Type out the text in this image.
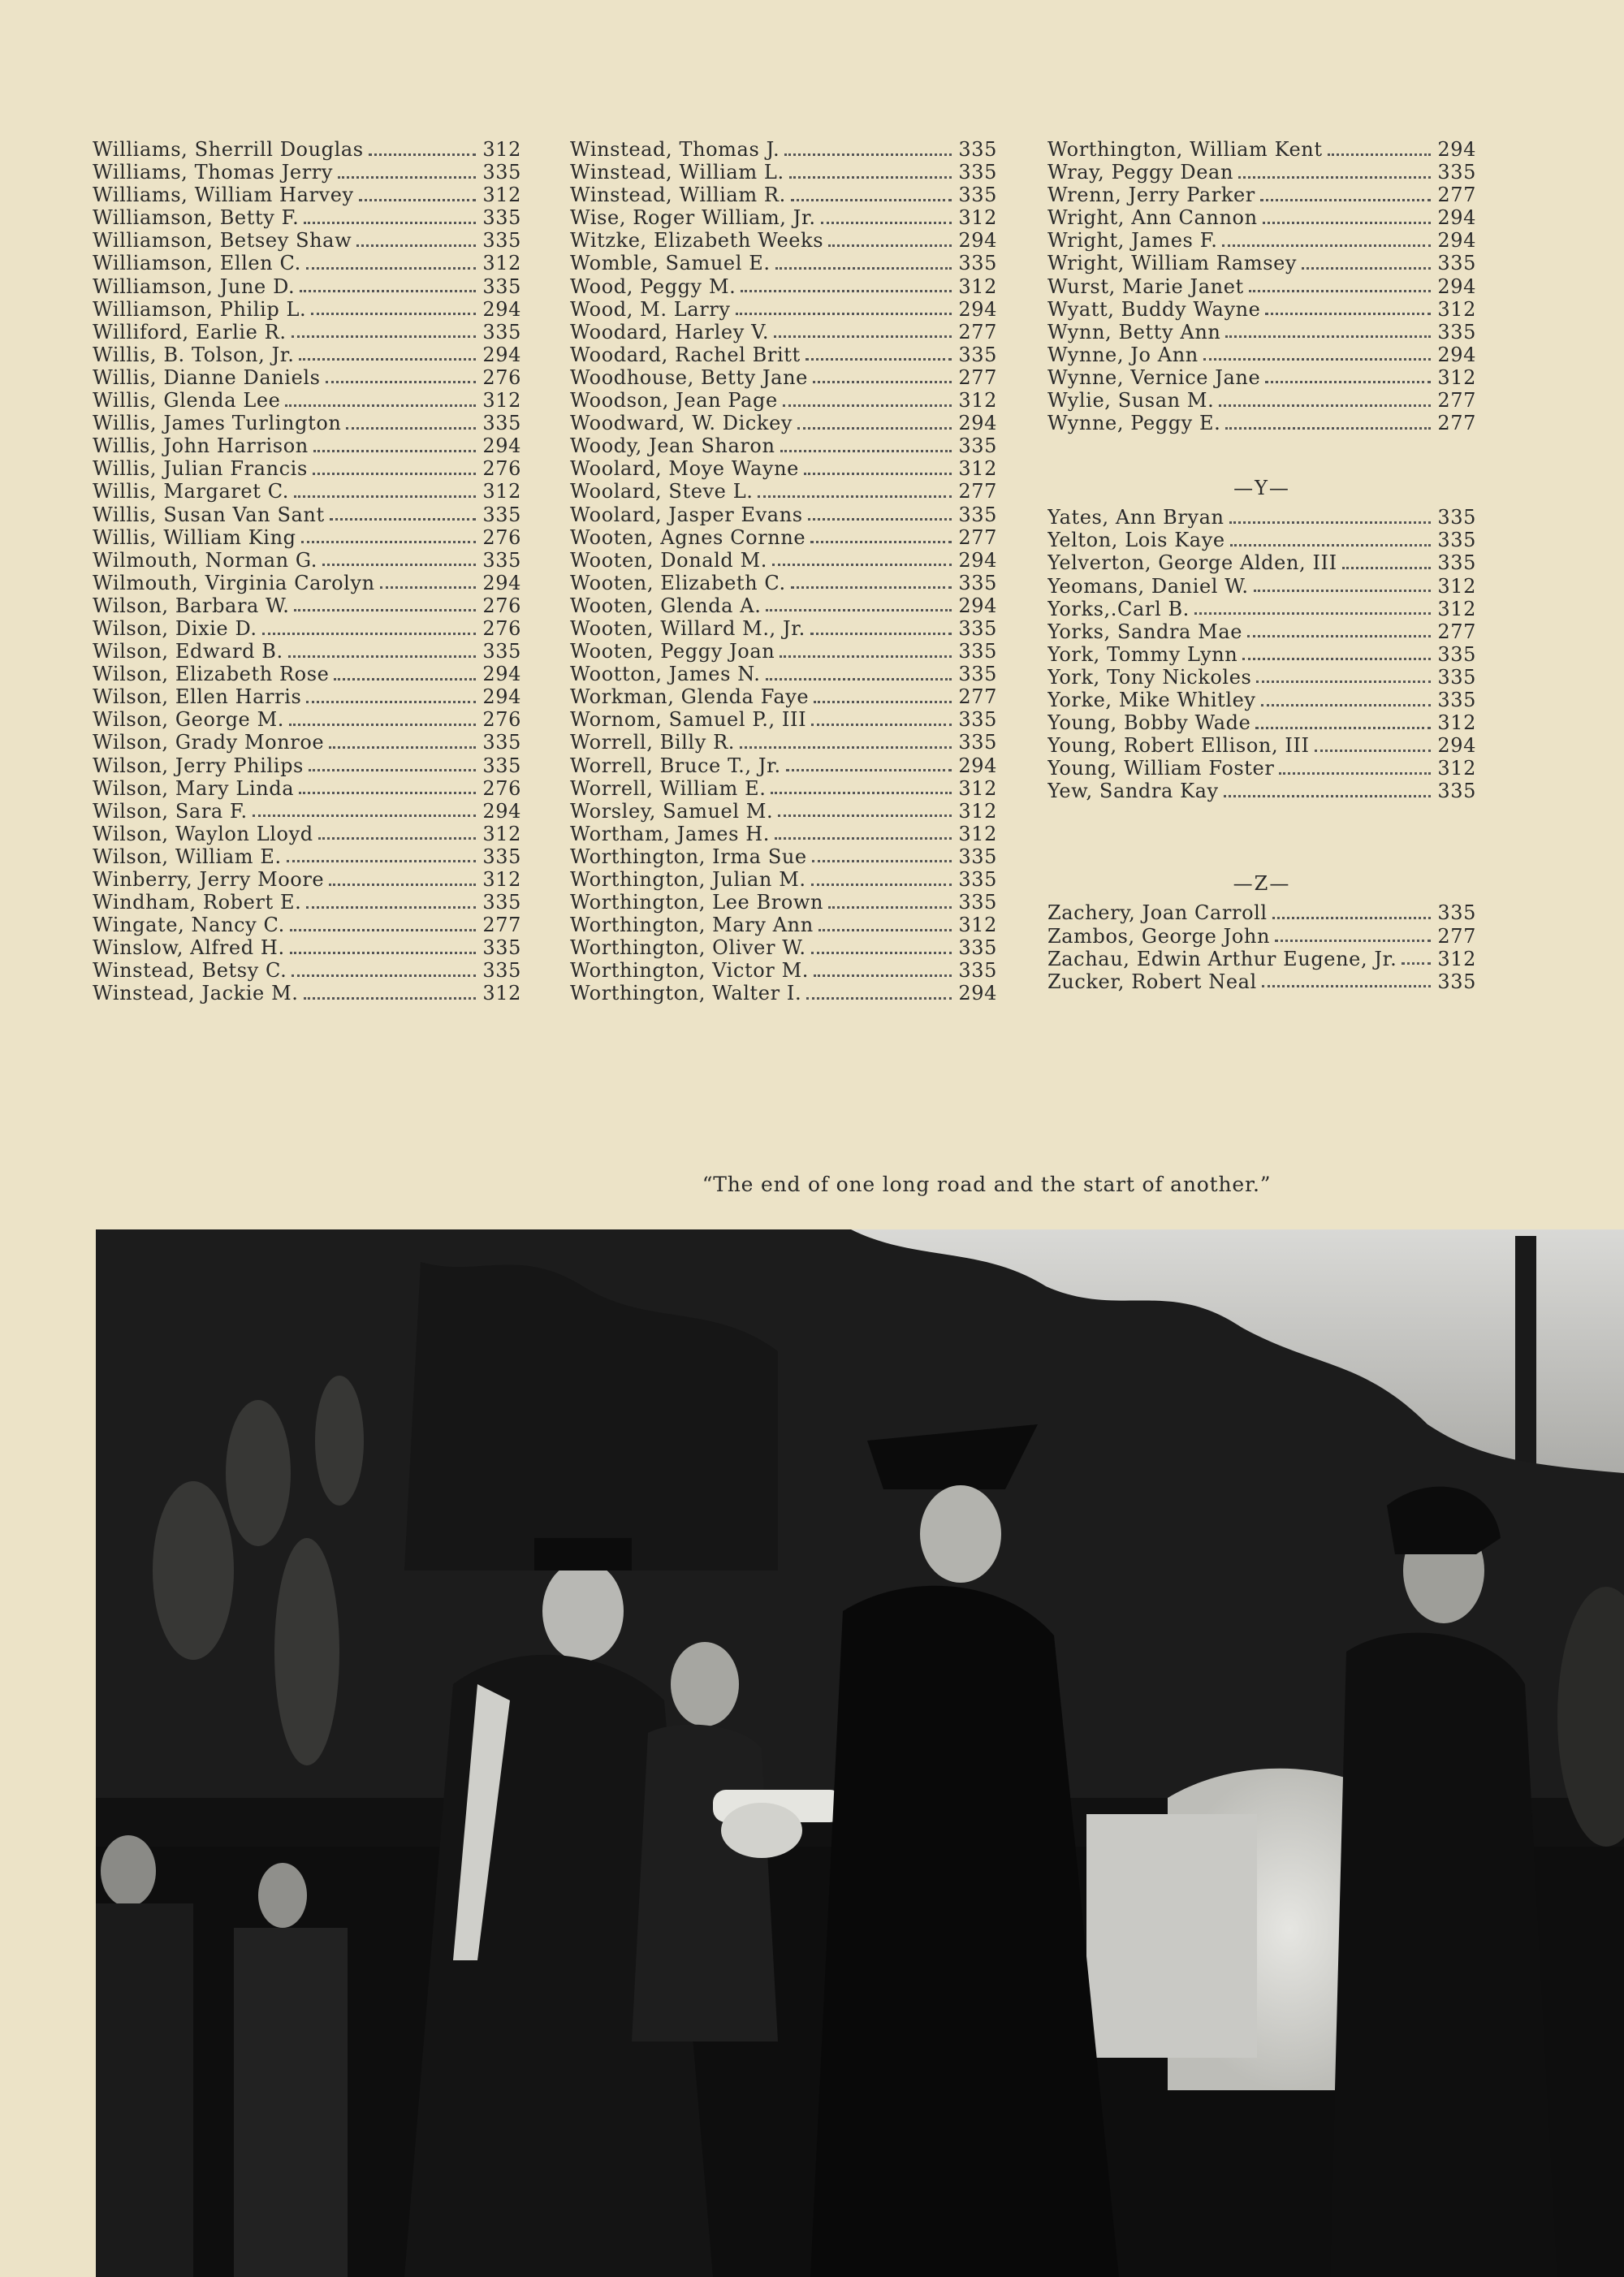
Williams, Sherrill Douglas	312
Williams, Thomas Jerry	335
Williams, William Harvey	312
Williamson, Betty F.	335
Williamson, Betsey Shaw	335
Williamson, Ellen C.	312
Williamson, June D.	335
Williamson, Philip L.	294
Williford, Earlie R.	335
Willis, B. Tolson, Jr.	294
Willis, Dianne Daniels	276
Willis, Glenda Lee	312
Willis, James Turlington	335
Willis, John Harrison	294
Willis, Julian Francis	276
Willis, Margaret C.	312
Willis, Susan Van Sant	335
Willis, William King	276
Wilmouth, Norman G.	335
Wilmouth, Virginia Carolyn	294
Wilson, Barbara W.	276
Wilson, Dixie D.	276
Wilson, Edward B.	335
Wilson, Elizabeth Rose	294
Wilson, Ellen Harris	294
Wilson, George M.	276
Wilson, Grady Monroe	335
Wilson, Jerry Philips	335
Wilson, Mary Linda	276
Wilson, Sara F.	294
Wilson, Waylon Lloyd	312
Wilson, William E.	335
Winberry, Jerry Moore	312
Windham, Robert E.	335
Wingate, Nancy C.	277
Winslow, Alfred H.	335
Winstead, Betsy C.	335
Winstead, Jackie M.	312
Winstead, Thomas J.	335
Winstead, William L.	335
Winstead, William R.	335
Wise, Roger William, Jr.	312
Witzke, Elizabeth Weeks	294
Womble, Samuel E.	335
Wood, Peggy M.	312
Wood, M. Larry	294
Woodard, Harley V.	277
Woodard, Rachel Britt	335
Woodhouse, Betty Jane	277
Woodson, Jean Page	312
Woodward, W. Dickey	294
Woody, Jean Sharon	335
Woolard, Moye Wayne	312
Woolard, Steve L.	277
Woolard, Jasper Evans	335
Wooten, Agnes Cornne	277
Wooten, Donald M.	294
Wooten, Elizabeth C.	335
Wooten, Glenda A.	294
Wooten, Willard M., Jr.	335
Wooten, Peggy Joan	335
Wootton, James N.	335
Workman, Glenda Faye	277
Wornom, Samuel P., III	335
Worrell, Billy R.	335
Worrell, Bruce T., Jr.	294
Worrell, William E.	312
Worsley, Samuel M.	312
Wortham, James H.	312
Worthington, Irma Sue	335
Worthington, Julian M.	335
Worthington, Lee Brown	335
Worthington, Mary Ann	312
Worthington, Oliver W.	335
Worthington, Victor M.	335
Worthington, Walter I.	294
Worthington, William Kent	294
Wray, Peggy Dean	335
Wrenn, Jerry Parker	277
Wright, Ann Cannon	294
Wright, James F.	294
Wright, William Ramsey	335
Wurst, Marie Janet	294
Wyatt, Buddy Wayne	312
Wynn, Betty Ann	335
Wynne, Jo Ann	294
Wynne, Vernice Jane	312
Wylie, Susan M.	277
Wynne, Peggy E.	277
—Y—
Yates, Ann Bryan	335
Yelton, Lois Kaye	335
Yelverton, George Alden, III	335
Yeomans, Daniel W.	312
Yorks,.Carl B.	312
Yorks, Sandra Mae	277
York, Tommy Lynn	335
York, Tony Nickoles	335
Yorke, Mike Whitley	335
Young, Bobby Wade	312
Young, Robert Ellison, III	294
Young, William Foster	312
Yew, Sandra Kay	335
—Z—
Zachery, Joan Carroll	335
Zambos, George John	277
Zachau, Edwin Arthur Eugene, Jr.	312
Zucker, Robert Neal	335
“The end of one long road and the start of another.”
